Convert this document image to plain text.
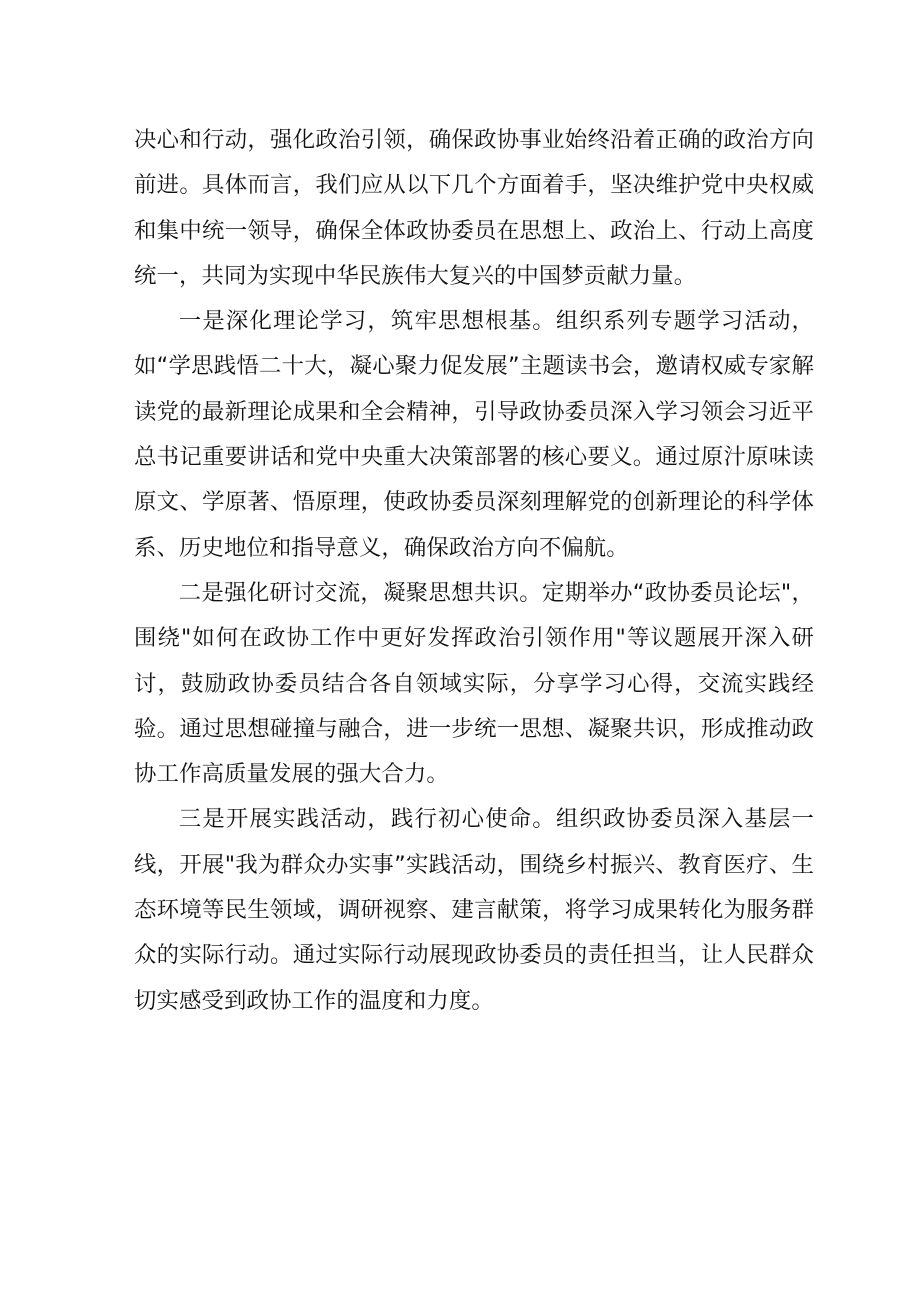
决心和行动，强化政治引领，确保政协事业始终沿着正确的政治方向前进。具体而言，我们应从以下几个方面着手，坚决维护党中央权威和集中统一领导，确保全体政协委员在思想上、政治上、行动上高度统一，共同为实现中华民族伟大复兴的中国梦贡献力量。

一是深化理论学习，筑牢思想根基。组织系列专题学习活动，如“学思践悟二十大，凝心聚力促发展”主题读书会，邀请权威专家解读党的最新理论成果和全会精神，引导政协委员深入学习领会习近平总书记重要讲话和党中央重大决策部署的核心要义。通过原汁原味读原文、学原著、悟原理，使政协委员深刻理解党的创新理论的科学体系、历史地位和指导意义，确保政治方向不偏航。

二是强化研讨交流，凝聚思想共识。定期举办“政协委员论坛"，围绕"如何在政协工作中更好发挥政治引领作用"等议题展开深入研讨，鼓励政协委员结合各自领域实际，分享学习心得，交流实践经验。通过思想碰撞与融合，进一步统一思想、凝聚共识，形成推动政协工作高质量发展的强大合力。

三是开展实践活动，践行初心使命。组织政协委员深入基层一线，开展"我为群众办实事”实践活动，围绕乡村振兴、教育医疗、生态环境等民生领域，调研视察、建言献策，将学习成果转化为服务群众的实际行动。通过实际行动展现政协委员的责任担当，让人民群众切实感受到政协工作的温度和力度。
